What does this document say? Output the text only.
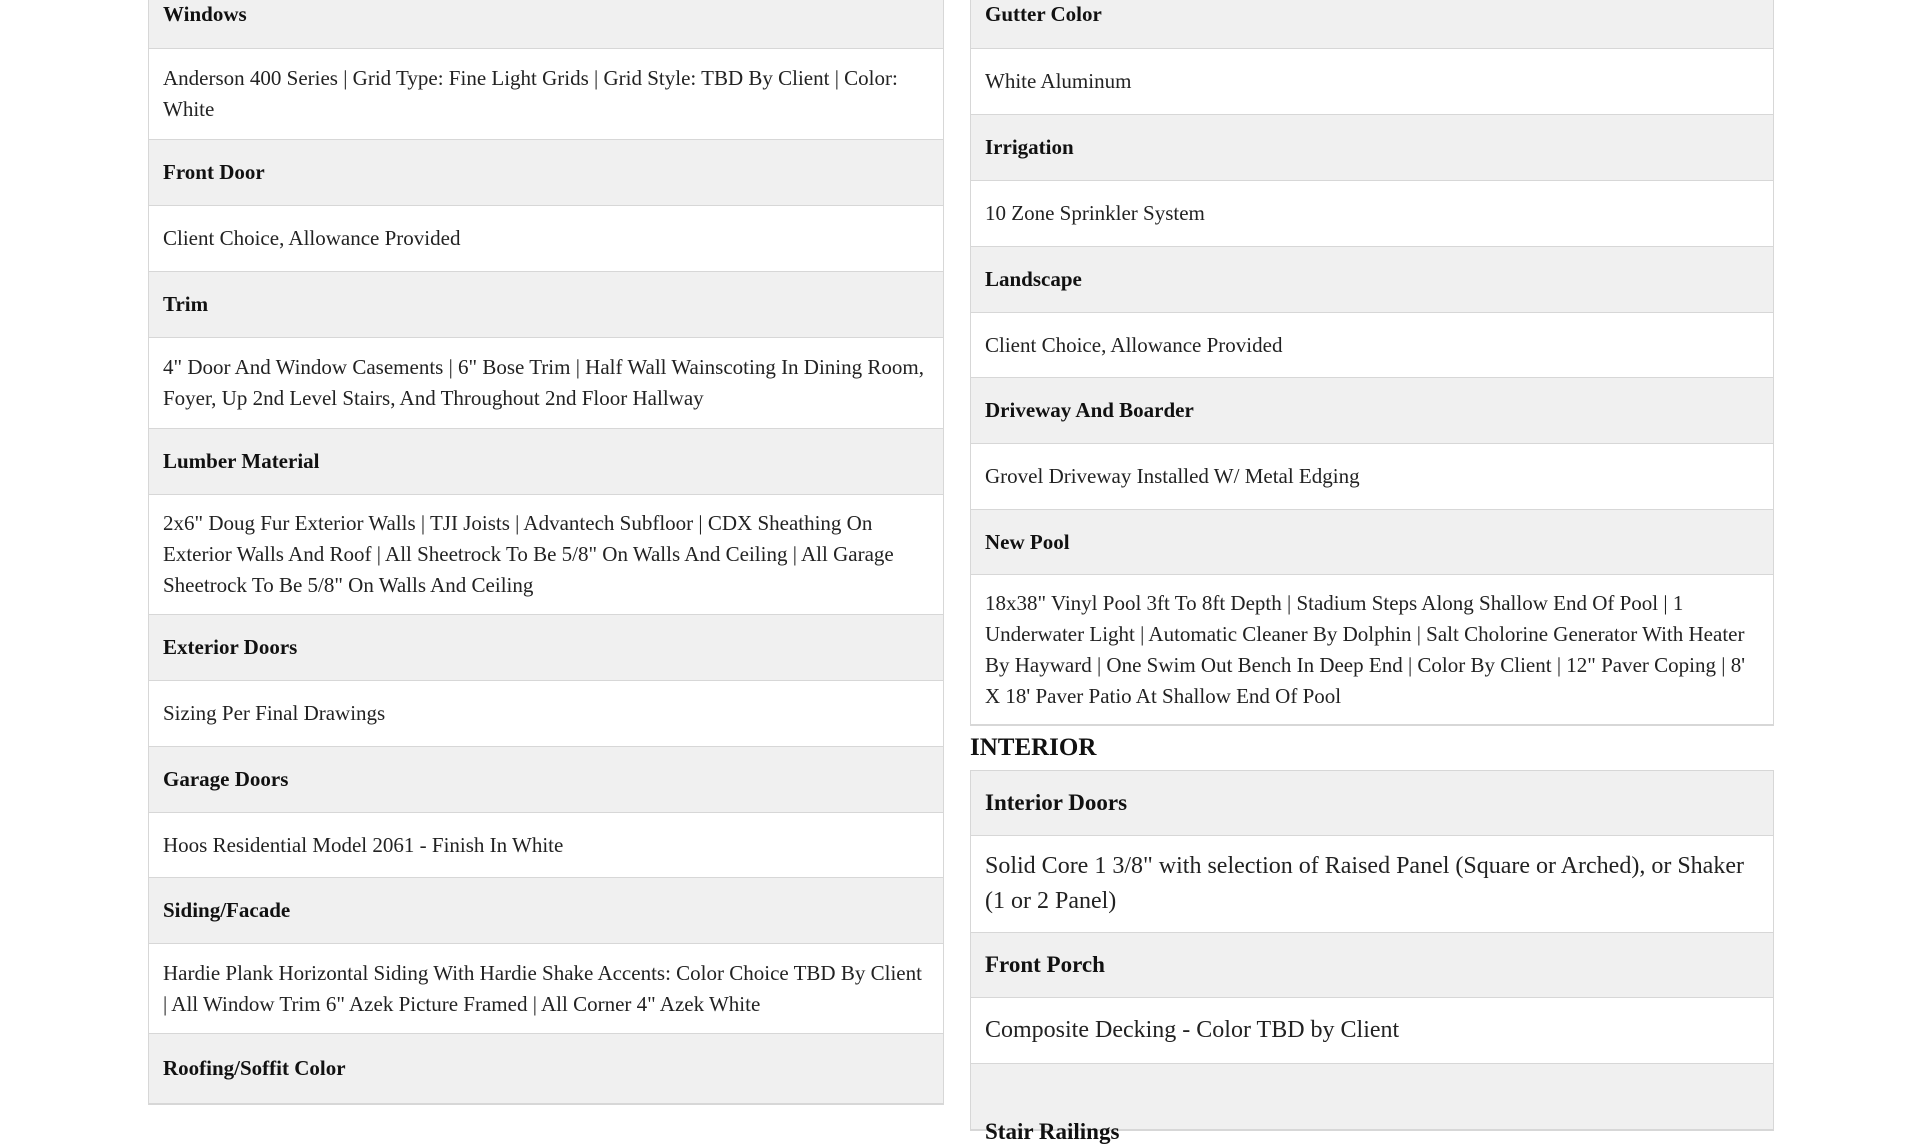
Windows
Anderson 400 Series | Grid Type: Fine Light Grids | Grid Style: TBD By Client | Color: White
Front Door
Client Choice, Allowance Provided
Trim
4" Door And Window Casements | 6" Bose Trim | Half Wall Wainscoting In Dining Room, Foyer, Up 2nd Level Stairs, And Throughout 2nd Floor Hallway
Lumber Material
2x6" Doug Fur Exterior Walls | TJI Joists | Advantech Subfloor | CDX Sheathing On Exterior Walls And Roof | All Sheetrock To Be 5/8" On Walls And Ceiling | All Garage Sheetrock To Be 5/8" On Walls And Ceiling
Exterior Doors
Sizing Per Final Drawings
Garage Doors
Hoos Residential Model 2061 - Finish In White
Siding/Facade
Hardie Plank Horizontal Siding With Hardie Shake Accents: Color Choice TBD By Client | All Window Trim 6" Azek Picture Framed | All Corner 4" Azek White
Roofing/Soffit Color
Gutter Color
White Aluminum
Irrigation
10 Zone Sprinkler System
Landscape
Client Choice, Allowance Provided
Driveway And Boarder
Grovel Driveway Installed W/ Metal Edging
New Pool
18x38" Vinyl Pool 3ft To 8ft Depth | Stadium Steps Along Shallow End Of Pool | 1 Underwater Light | Automatic Cleaner By Dolphin | Salt Cholorine Generator With Heater By Hayward | One Swim Out Bench In Deep End | Color By Client | 12" Paver Coping | 8' X 18' Paver Patio At Shallow End Of Pool
INTERIOR
Interior Doors
Solid Core 1 3/8" with selection of Raised Panel (Square or Arched), or Shaker (1 or 2 Panel)
Front Porch
Composite Decking - Color TBD by Client
Stair Railings
